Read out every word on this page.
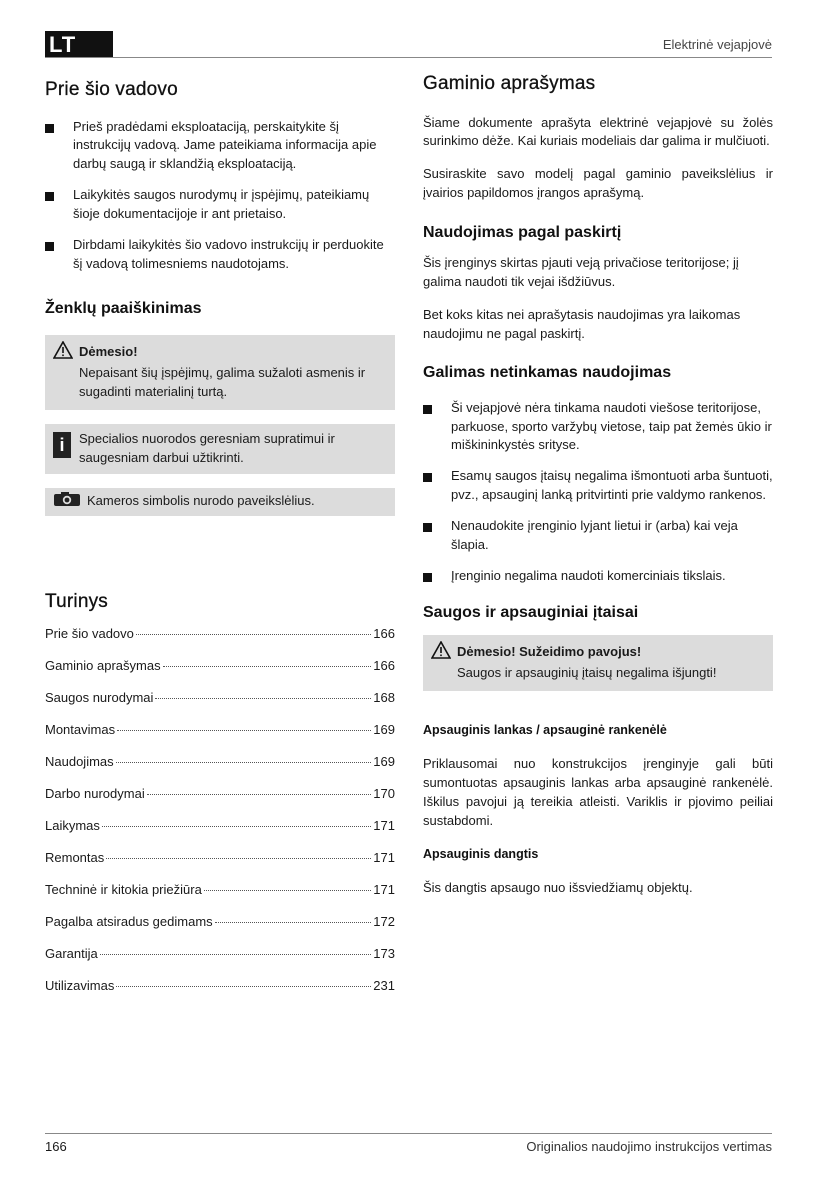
LT	Elektrinė vejapjovė
Prie šio vadovo
Prieš pradėdami eksploataciją, perskaitykite šį instrukcijų vadovą. Jame pateikiama informacija apie darbų saugą ir sklandžią eksploataciją.
Laikykitės saugos nurodymų ir įspėjimų, pateikiamų šioje dokumentacijoje ir ant prietaiso.
Dirbdami laikykitės šio vadovo instrukcijų ir perduokite šį vadovą tolimesniems naudotojams.
Ženklų paaiškinimas
Dėmesio!
Nepaisant šių įspėjimų, galima sužaloti asmenis ir sugadinti materialinį turtą.
i	Specialios nuorodos geresniam supratimui ir saugesniam darbui užtikrinti.
Kameros simbolis nurodo paveikslėlius.
Turinys
Prie šio vadovo	166
Gaminio aprašymas	166
Saugos nurodymai	168
Montavimas	169
Naudojimas	169
Darbo nurodymai	170
Laikymas	171
Remontas	171
Techninė ir kitokia priežiūra	171
Pagalba atsiradus gedimams	172
Garantija	173
Utilizavimas	231
Gaminio aprašymas

Šiame dokumente aprašyta elektrinė vejapjovė su žolės surinkimo dėže. Kai kuriais modeliais dar galima ir mulčiuoti.

Susiraskite savo modelį pagal gaminio paveikslėlius ir įvairios papildomos įrangos aprašymą.

Naudojimas pagal paskirtį

Šis įrenginys skirtas pjauti veją privačiose teritorijose; jį galima naudoti tik vejai išdžiūvus.

Bet koks kitas nei aprašytasis naudojimas yra laikomas naudojimu ne pagal paskirtį.

Galimas netinkamas naudojimas
Ši vejapjovė nėra tinkama naudoti viešose teritorijose, parkuose, sporto varžybų vietose, taip pat žemės ūkio ir miškininkystės srityse.
Esamų saugos įtaisų negalima išmontuoti arba šuntuoti, pvz., apsauginį lanką pritvirtinti prie valdymo rankenos.
Nenaudokite įrenginio lyjant lietui ir (arba) kai veja šlapia.
Įrenginio negalima naudoti komerciniais tikslais.
Saugos ir apsauginiai įtaisai
Dėmesio! Sužeidimo pavojus!
Saugos ir apsauginių įtaisų negalima išjungti!
Apsauginis lankas / apsauginė rankenėlė

Priklausomai nuo konstrukcijos įrenginyje gali būti sumontuotas apsauginis lankas arba apsauginė rankenėlė. Iškilus pavojui ją tereikia atleisti. Variklis ir pjovimo peiliai sustabdomi.

Apsauginis dangtis

Šis dangtis apsaugo nuo išsviedžiamų objektų.

166	Originalios naudojimo instrukcijos vertimas
